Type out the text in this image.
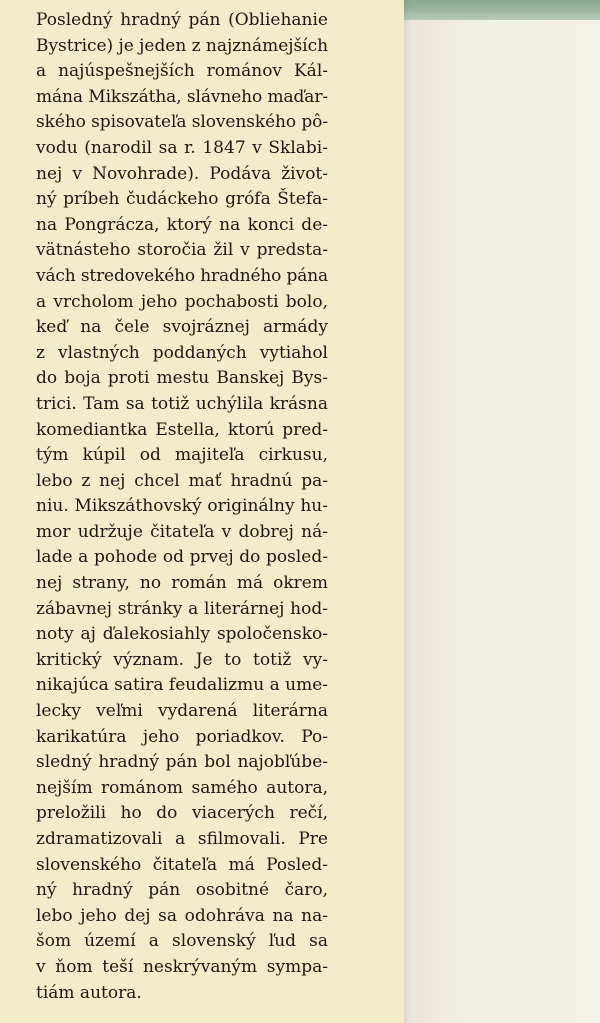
Posledný hradný pán (Obliehanie
Bystrice) je jeden z najznámejších
a najúspešnejších románov Kál-
mána Mikszátha, slávneho maďar-
ského spisovateľa slovenského pô-
vodu (narodil sa r. 1847 v Sklabi-
nej v Novohrade). Podáva život-
ný príbeh čudáckeho grófa Štefa-
na Pongrácza, ktorý na konci de-
vätnásteho storočia žil v predsta-
vách stredovekého hradného pána
a vrcholom jeho pochabosti bolo,
keď na čele svojráznej armády
z vlastných poddaných vytiahol
do boja proti mestu Banskej Bys-
trici. Tam sa totiž uchýlila krásna
komediantka Estella, ktorú pred-
tým kúpil od majiteľa cirkusu,
lebo z nej chcel mať hradnú pa-
niu. Mikszáthovský originálny hu-
mor udržuje čitateľa v dobrej ná-
lade a pohode od prvej do posled-
nej strany, no román má okrem
zábavnej stránky a literárnej hod-
noty aj ďalekosiahly spoločensko-
kritický význam. Je to totiž vy-
nikajúca satira feudalizmu a ume-
lecky veľmi vydarená literárna
karikatúra jeho poriadkov. Po-
sledný hradný pán bol najobľúbe-
nejším románom samého autora,
preložili ho do viacerých rečí,
zdramatizovali a sfilmovali. Pre
slovenského čitateľa má Posled-
ný hradný pán osobitné čaro,
lebo jeho dej sa odohráva na na-
šom území a slovenský ľud sa
v ňom teší neskrývaným sympa-
tiám autora.
